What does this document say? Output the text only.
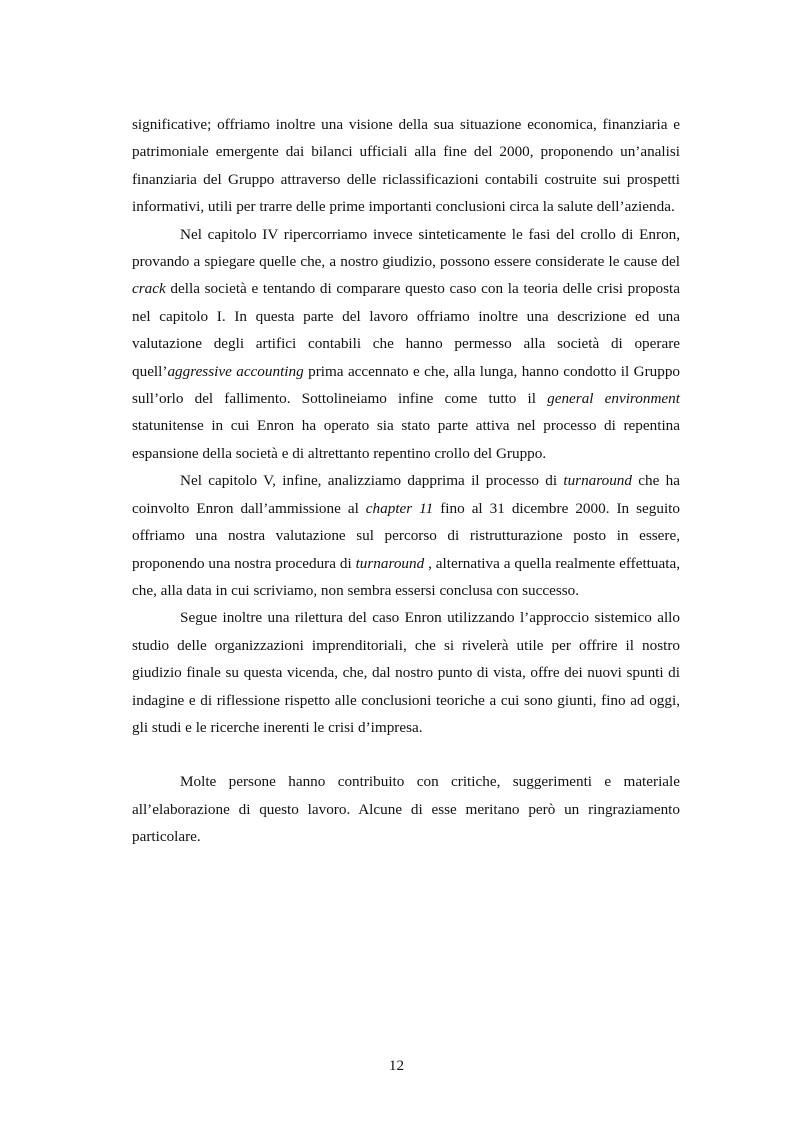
significative; offriamo inoltre una visione della sua situazione economica, finanziaria e patrimoniale emergente dai bilanci ufficiali alla fine del 2000, proponendo un’analisi finanziaria del Gruppo attraverso delle riclassificazioni contabili costruite sui prospetti informativi, utili per trarre delle prime importanti conclusioni circa la salute dell’azienda.

Nel capitolo IV ripercorriamo invece sinteticamente le fasi del crollo di Enron, provando a spiegare quelle che, a nostro giudizio, possono essere considerate le cause del crack della società e tentando di comparare questo caso con la teoria delle crisi proposta nel capitolo I. In questa parte del lavoro offriamo inoltre una descrizione ed una valutazione degli artifici contabili che hanno permesso alla società di operare quell’aggressive accounting prima accennato e che, alla lunga, hanno condotto il Gruppo sull’orlo del fallimento. Sottolineiamo infine come tutto il general environment statunitense in cui Enron ha operato sia stato parte attiva nel processo di repentina espansione della società e di altrettanto repentino crollo del Gruppo.

Nel capitolo V, infine, analizziamo dapprima il processo di turnaround che ha coinvolto Enron dall’ammissione al chapter 11 fino al 31 dicembre 2000. In seguito offriamo una nostra valutazione sul percorso di ristrutturazione posto in essere, proponendo una nostra procedura di turnaround , alternativa a quella realmente effettuata, che, alla data in cui scriviamo, non sembra essersi conclusa con successo.

Segue inoltre una rilettura del caso Enron utilizzando l’approccio sistemico allo studio delle organizzazioni imprenditoriali, che si rivelerà utile per offrire il nostro giudizio finale su questa vicenda, che, dal nostro punto di vista, offre dei nuovi spunti di indagine e di riflessione rispetto alle conclusioni teoriche a cui sono giunti, fino ad oggi, gli studi e le ricerche inerenti le crisi d’impresa.

Molte persone hanno contribuito con critiche, suggerimenti e materiale all’elaborazione di questo lavoro. Alcune di esse meritano però un ringraziamento particolare.

12
